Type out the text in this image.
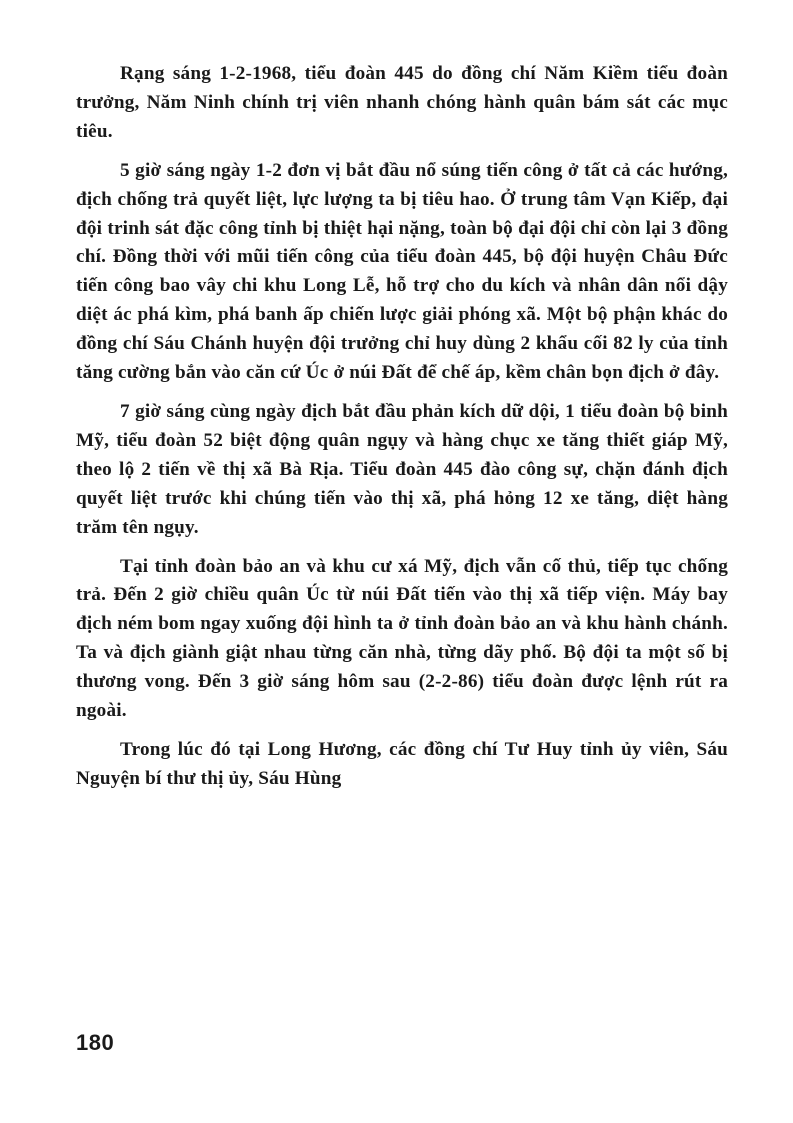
Rạng sáng 1-2-1968, tiểu đoàn 445 do đồng chí Năm Kiềm tiểu đoàn trưởng, Năm Ninh chính trị viên nhanh chóng hành quân bám sát các mục tiêu.

5 giờ sáng ngày 1-2 đơn vị bắt đầu nổ súng tiến công ở tất cả các hướng, địch chống trả quyết liệt, lực lượng ta bị tiêu hao. Ở trung tâm Vạn Kiếp, đại đội trinh sát đặc công tỉnh bị thiệt hại nặng, toàn bộ đại đội chỉ còn lại 3 đồng chí. Đồng thời với mũi tiến công của tiểu đoàn 445, bộ đội huyện Châu Đức tiến công bao vây chi khu Long Lễ, hỗ trợ cho du kích và nhân dân nổi dậy diệt ác phá kìm, phá banh ấp chiến lược giải phóng xã. Một bộ phận khác do đồng chí Sáu Chánh huyện đội trưởng chỉ huy dùng 2 khẩu cối 82 ly của tỉnh tăng cường bắn vào căn cứ Úc ở núi Đất để chế áp, kềm chân bọn địch ở đây.

7 giờ sáng cùng ngày địch bắt đầu phản kích dữ dội, 1 tiểu đoàn bộ binh Mỹ, tiểu đoàn 52 biệt động quân ngụy và hàng chục xe tăng thiết giáp Mỹ, theo lộ 2 tiến về thị xã Bà Rịa. Tiểu đoàn 445 đào công sự, chặn đánh địch quyết liệt trước khi chúng tiến vào thị xã, phá hỏng 12 xe tăng, diệt hàng trăm tên ngụy.

Tại tỉnh đoàn bảo an và khu cư xá Mỹ, địch vẫn cố thủ, tiếp tục chống trả. Đến 2 giờ chiều quân Úc từ núi Đất tiến vào thị xã tiếp viện. Máy bay địch ném bom ngay xuống đội hình ta ở tỉnh đoàn bảo an và khu hành chánh. Ta và địch giành giật nhau từng căn nhà, từng dãy phố. Bộ đội ta một số bị thương vong. Đến 3 giờ sáng hôm sau (2-2-86) tiểu đoàn được lệnh rút ra ngoài.

Trong lúc đó tại Long Hương, các đồng chí Tư Huy tỉnh ủy viên, Sáu Nguyện bí thư thị ủy, Sáu Hùng

180
